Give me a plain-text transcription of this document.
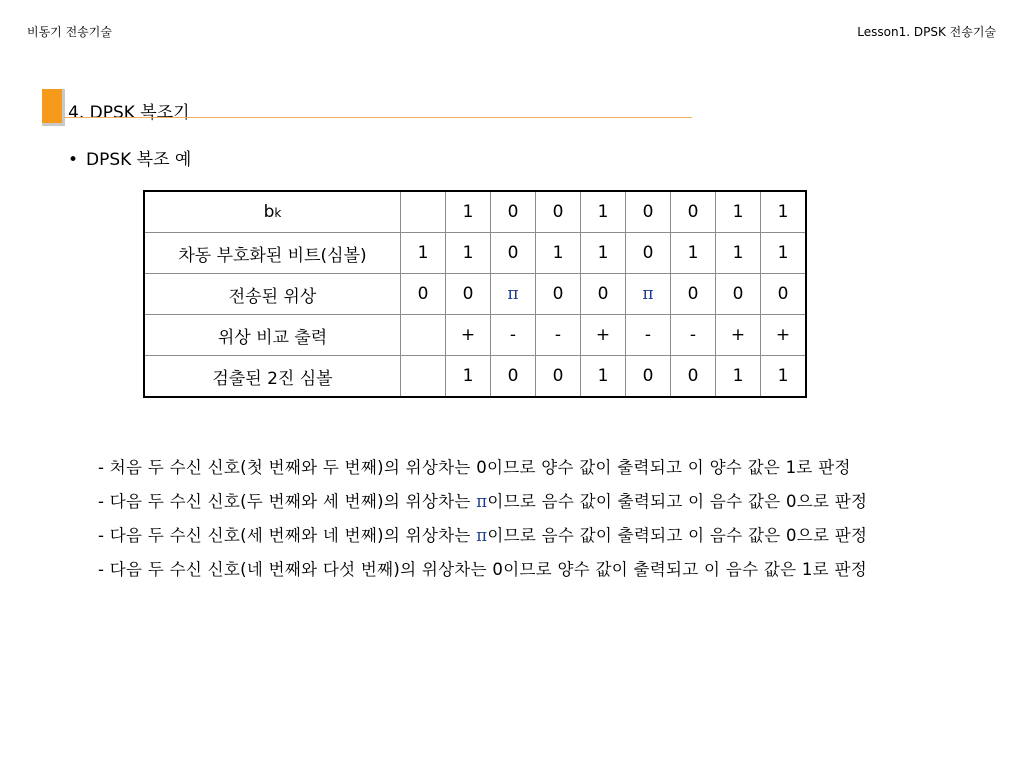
비동기 전송기술	Lesson1. DPSK 전송기술
4. DPSK 복조기
• DPSK 복조 예
bk		1	0	0	1	0	0	1	1
차동 부호화된 비트(심볼)	1	1	0	1	1	0	1	1	1
전송된 위상	0	0	π	0	0	π	0	0	0
위상 비교 출력		+	-	-	+	-	-	+	+
검출된 2진 심볼		1	0	0	1	0	0	1	1

- 처음 두 수신 신호(첫 번째와 두 번째)의 위상차는 0이므로 양수 값이 출력되고 이 양수 값은 1로 판정

- 다음 두 수신 신호(두 번째와 세 번째)의 위상차는 π이므로 음수 값이 출력되고 이 음수 값은 0으로 판정

- 다음 두 수신 신호(세 번째와 네 번째)의 위상차는 π이므로 음수 값이 출력되고 이 음수 값은 0으로 판정

- 다음 두 수신 신호(네 번째와 다섯 번째)의 위상차는 0이므로 양수 값이 출력되고 이 음수 값은 1로 판정
